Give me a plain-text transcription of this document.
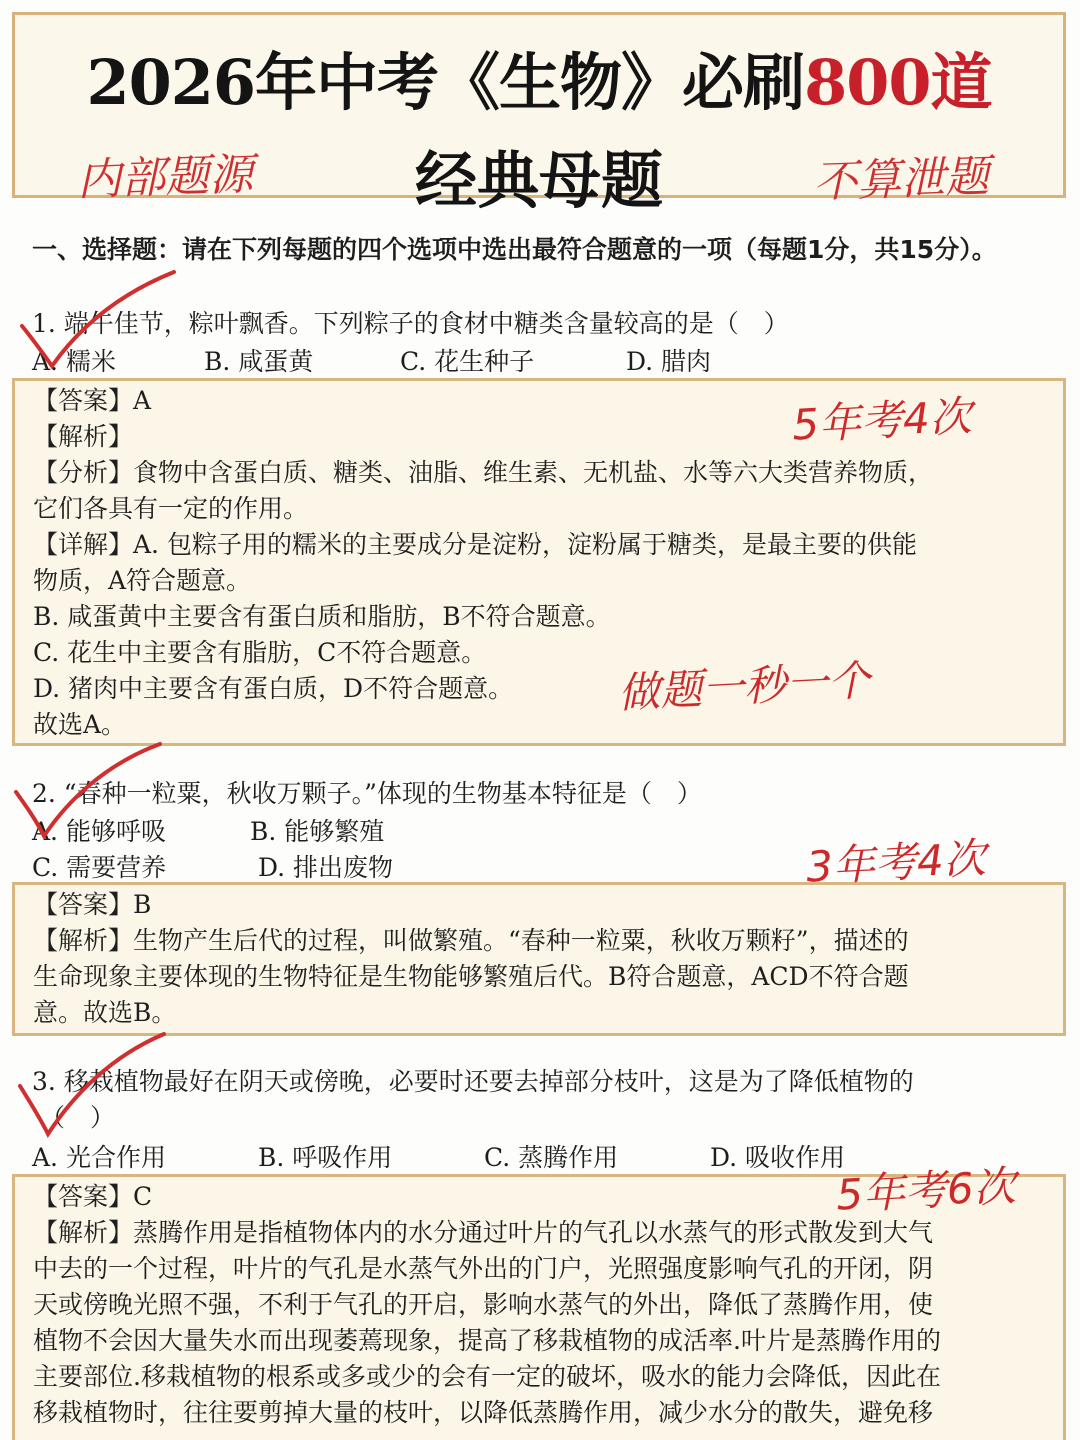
2026年中考《生物》必刷800道
经典母题
内部题源	不算泄题
一、选择题：请在下列每题的四个选项中选出最符合题意的一项（每题1分，共15分）。
1. 端午佳节，粽叶飘香。下列粽子的食材中糖类含量较高的是（　）
A. 糯米	B. 咸蛋黄	C. 花生种子	D. 腊肉
【答案】A
【解析】
【分析】食物中含蛋白质、糖类、油脂、维生素、无机盐、水等六大类营养物质，
它们各具有一定的作用。
【详解】A. 包粽子用的糯米的主要成分是淀粉，淀粉属于糖类，是最主要的供能
物质，A符合题意。
B. 咸蛋黄中主要含有蛋白质和脂肪，B不符合题意。
C. 花生中主要含有脂肪，C不符合题意。
D. 猪肉中主要含有蛋白质，D不符合题意。
故选A。
5年考4次
做题一秒一个
2. “春种一粒粟，秋收万颗子。”体现的生物基本特征是（　）
A. 能够呼吸	B. 能够繁殖
C. 需要营养	D. 排出废物
【答案】B
【解析】生物产生后代的过程，叫做繁殖。“春种一粒粟，秋收万颗籽”，描述的
生命现象主要体现的生物特征是生物能够繁殖后代。B符合题意，ACD不符合题
意。故选B。
3年考4次
3. 移栽植物最好在阴天或傍晚，必要时还要去掉部分枝叶，这是为了降低植物的
（　）
A. 光合作用	B. 呼吸作用	C. 蒸腾作用	D. 吸收作用
【答案】C
【解析】蒸腾作用是指植物体内的水分通过叶片的气孔以水蒸气的形式散发到大气
中去的一个过程，叶片的气孔是水蒸气外出的门户，光照强度影响气孔的开闭，阴
天或傍晚光照不强，不利于气孔的开启，影响水蒸气的外出，降低了蒸腾作用，使
植物不会因大量失水而出现萎蔫现象，提高了移栽植物的成活率.叶片是蒸腾作用的
主要部位.移栽植物的根系或多或少的会有一定的破坏，吸水的能力会降低，因此在
移栽植物时，往往要剪掉大量的枝叶，以降低蒸腾作用，减少水分的散失，避免移
5年考6次
